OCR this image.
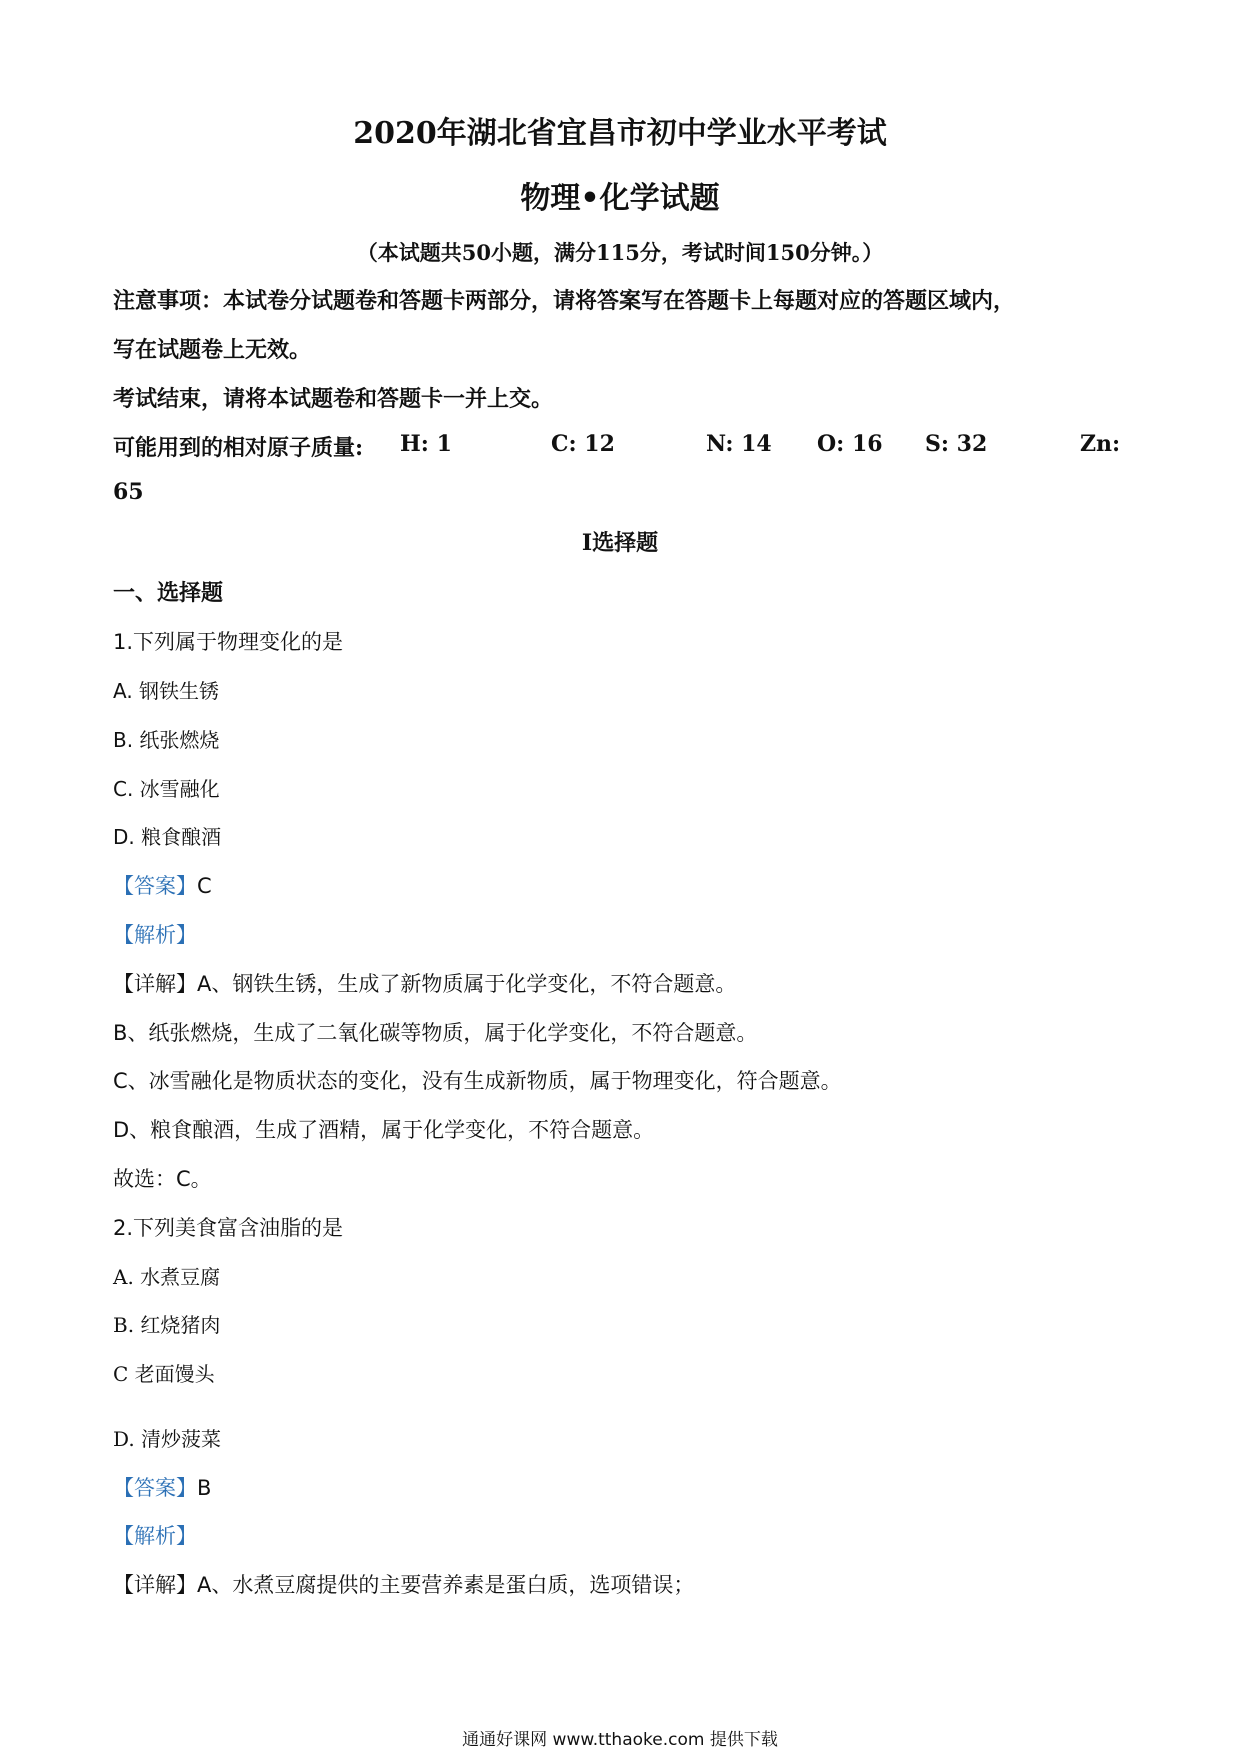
2020年湖北省宜昌市初中学业水平考试
物理•化学试题
（本试题共50小题，满分115分，考试时间150分钟。）
注意事项：本试卷分试题卷和答题卡两部分，请将答案写在答题卡上每题对应的答题区域内，
写在试题卷上无效。
考试结束，请将本试题卷和答题卡一并上交。
可能用到的相对原子质量: H: 1	C: 12	N: 14 O: 16 S: 32	Zn:
65
I选择题
一、选择题
1.下列属于物理变化的是
A. 钢铁生锈
B. 纸张燃烧
C. 冰雪融化
D. 粮食酿酒
【答案】C
【解析】
【详解】A、钢铁生锈，生成了新物质属于化学变化，不符合题意。
B、纸张燃烧，生成了二氧化碳等物质，属于化学变化，不符合题意。
C、冰雪融化是物质状态的变化，没有生成新物质，属于物理变化，符合题意。
D、粮食酿酒，生成了酒精，属于化学变化，不符合题意。
故选：C。
2.下列美食富含油脂的是
A. 水煮豆腐
B. 红烧猪肉
C 老面馒头
D. 清炒菠菜
【答案】B
【解析】
【详解】A、水煮豆腐提供的主要营养素是蛋白质，选项错误；
通通好课网 www.tthaoke.com 提供下载
